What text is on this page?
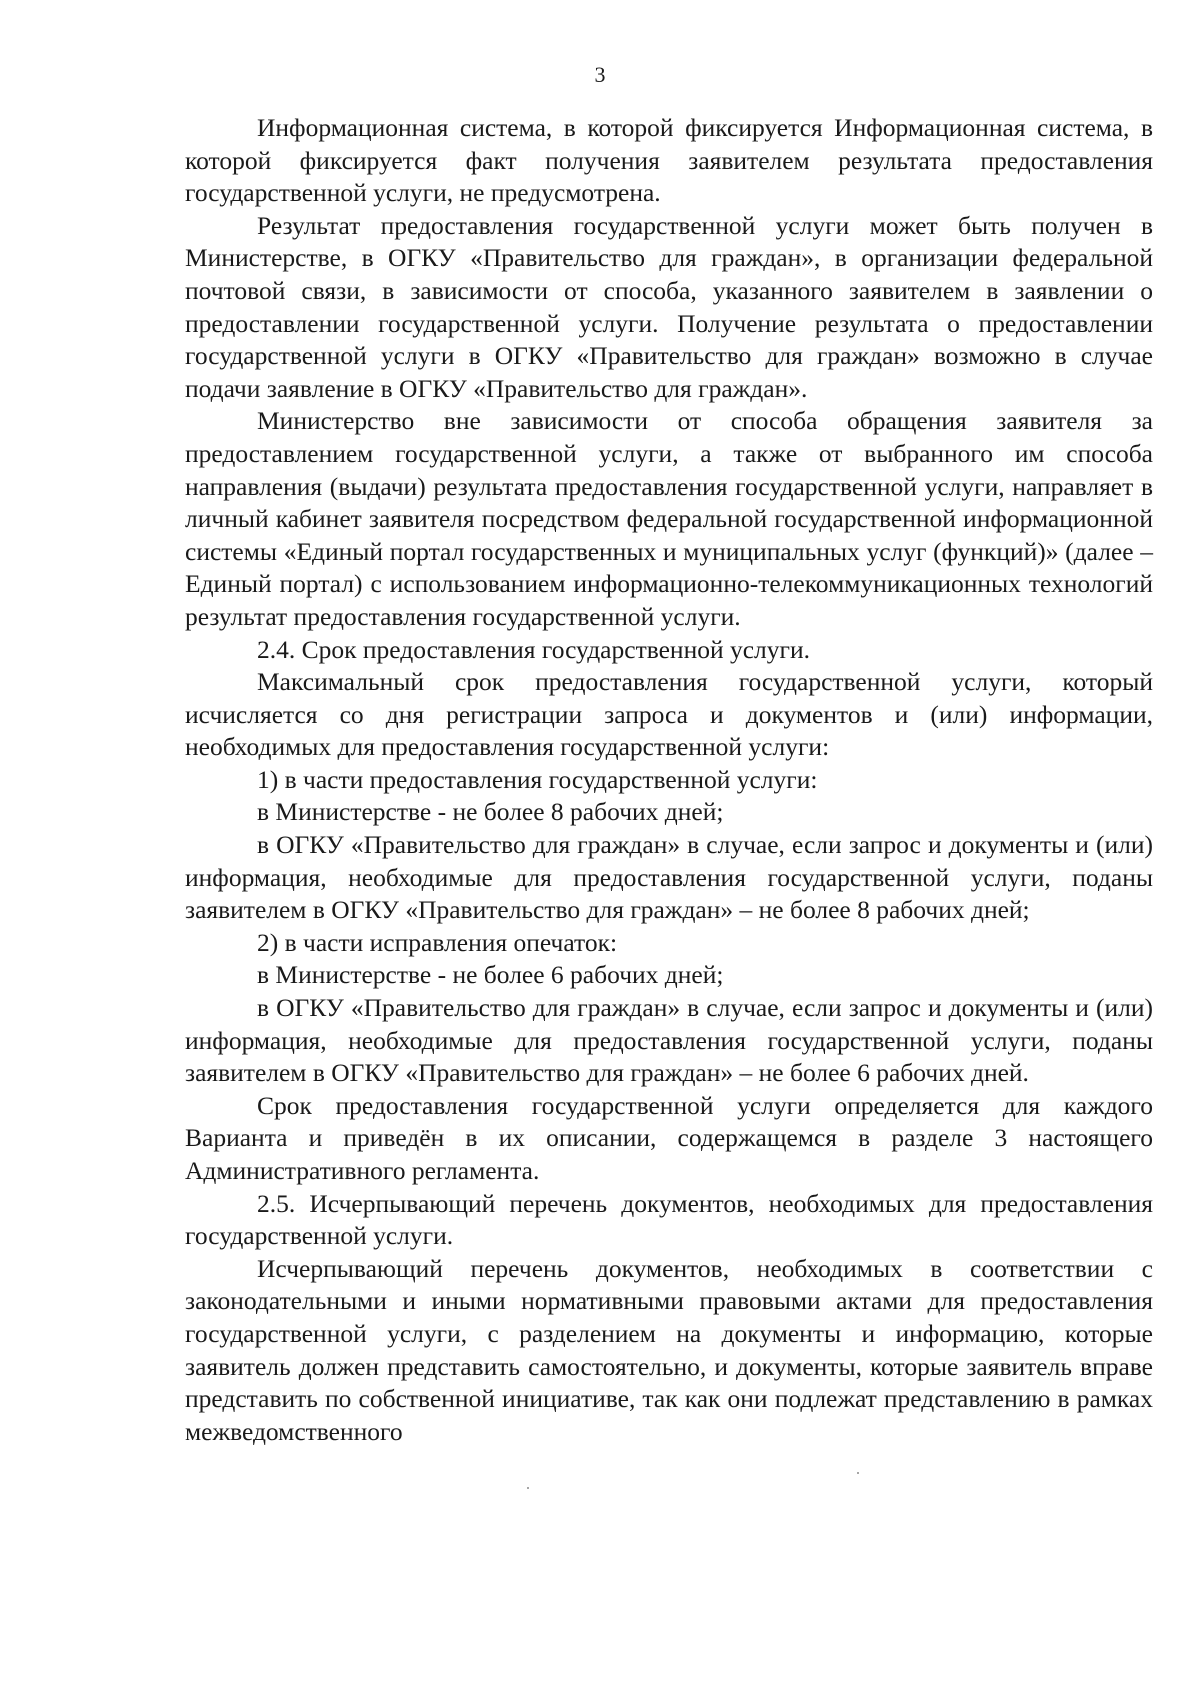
3

Информационная система, в которой фиксируется Информационная система, в которой фиксируется факт получения заявителем результата предоставления государственной услуги, не предусмотрена.

Результат предоставления государственной услуги может быть получен в Министерстве, в ОГКУ «Правительство для граждан», в организации федеральной почтовой связи, в зависимости от способа, указанного заявителем в заявлении о предоставлении государственной услуги. Получение результата о предоставлении государственной услуги в ОГКУ «Правительство для граждан» возможно в случае подачи заявление в ОГКУ «Правительство для граждан».

Министерство вне зависимости от способа обращения заявителя за предоставлением государственной услуги, а также от выбранного им способа направления (выдачи) результата предоставления государственной услуги, направляет в личный кабинет заявителя посредством федеральной государственной информационной системы «Единый портал государственных и муниципальных услуг (функций)» (далее – Единый портал) с использованием информационно-телекоммуникационных технологий результат предоставления государственной услуги.

2.4. Срок предоставления государственной услуги.

Максимальный срок предоставления государственной услуги, который исчисляется со дня регистрации запроса и документов и (или) информации, необходимых для предоставления государственной услуги:

1) в части предоставления государственной услуги:

в Министерстве - не более 8 рабочих дней;

в ОГКУ «Правительство для граждан» в случае, если запрос и документы и (или) информация, необходимые для предоставления государственной услуги, поданы заявителем в ОГКУ «Правительство для граждан» – не более 8 рабочих дней;

2) в части исправления опечаток:

в Министерстве - не более 6 рабочих дней;

в ОГКУ «Правительство для граждан» в случае, если запрос и документы и (или) информация, необходимые для предоставления государственной услуги, поданы заявителем в ОГКУ «Правительство для граждан» – не более 6 рабочих дней.

Срок предоставления государственной услуги определяется для каждого Варианта и приведён в их описании, содержащемся в разделе 3 настоящего Административного регламента.

2.5. Исчерпывающий перечень документов, необходимых для предоставления государственной услуги.

Исчерпывающий перечень документов, необходимых в соответствии с законодательными и иными нормативными правовыми актами для предоставления государственной услуги, с разделением на документы и информацию, которые заявитель должен представить самостоятельно, и документы, которые заявитель вправе представить по собственной инициативе, так как они подлежат представлению в рамках межведомственного
